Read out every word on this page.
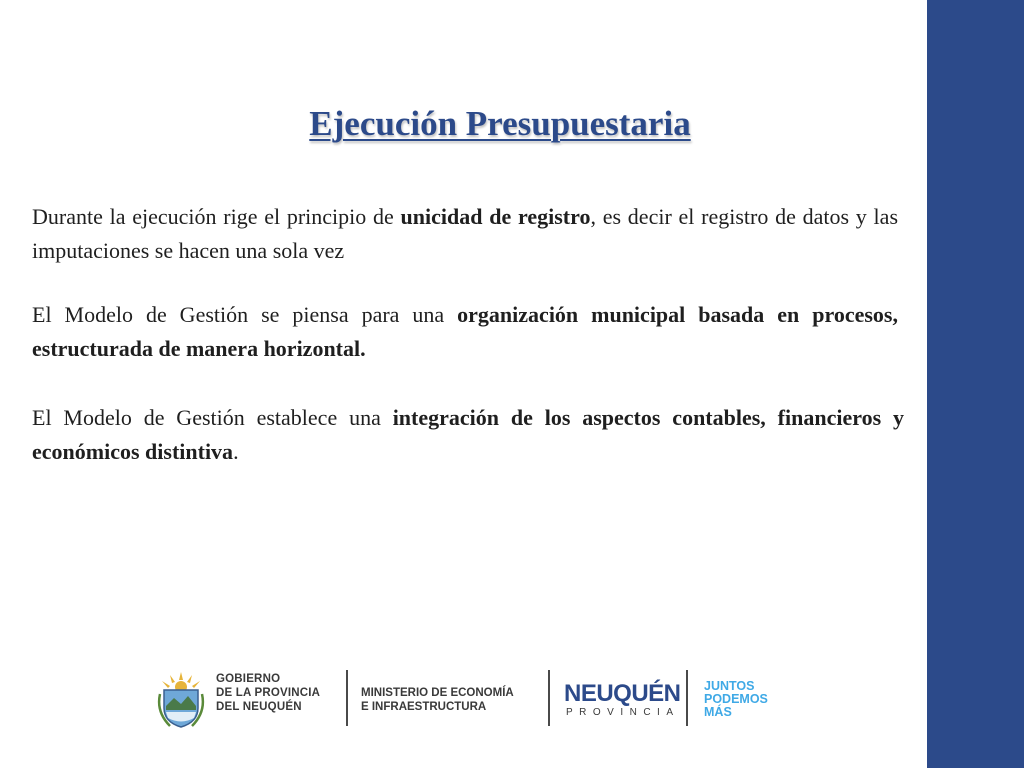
Ejecución Presupuestaria

Durante la ejecución rige el principio de unicidad de registro, es decir el registro de datos y las imputaciones se hacen una sola vez

El Modelo de Gestión se piensa para una organización municipal basada en procesos, estructurada de manera horizontal.

El Modelo de Gestión establece una integración de los aspectos contables, financieros y económicos distintiva.

GOBIERNO
DE LA PROVINCIA
DEL NEUQUÉN
MINISTERIO DE ECONOMÍA
E INFRAESTRUCTURA	NEUQUÉN
PROVINCIA
JUNTOS
PODEMOS
MÁS
